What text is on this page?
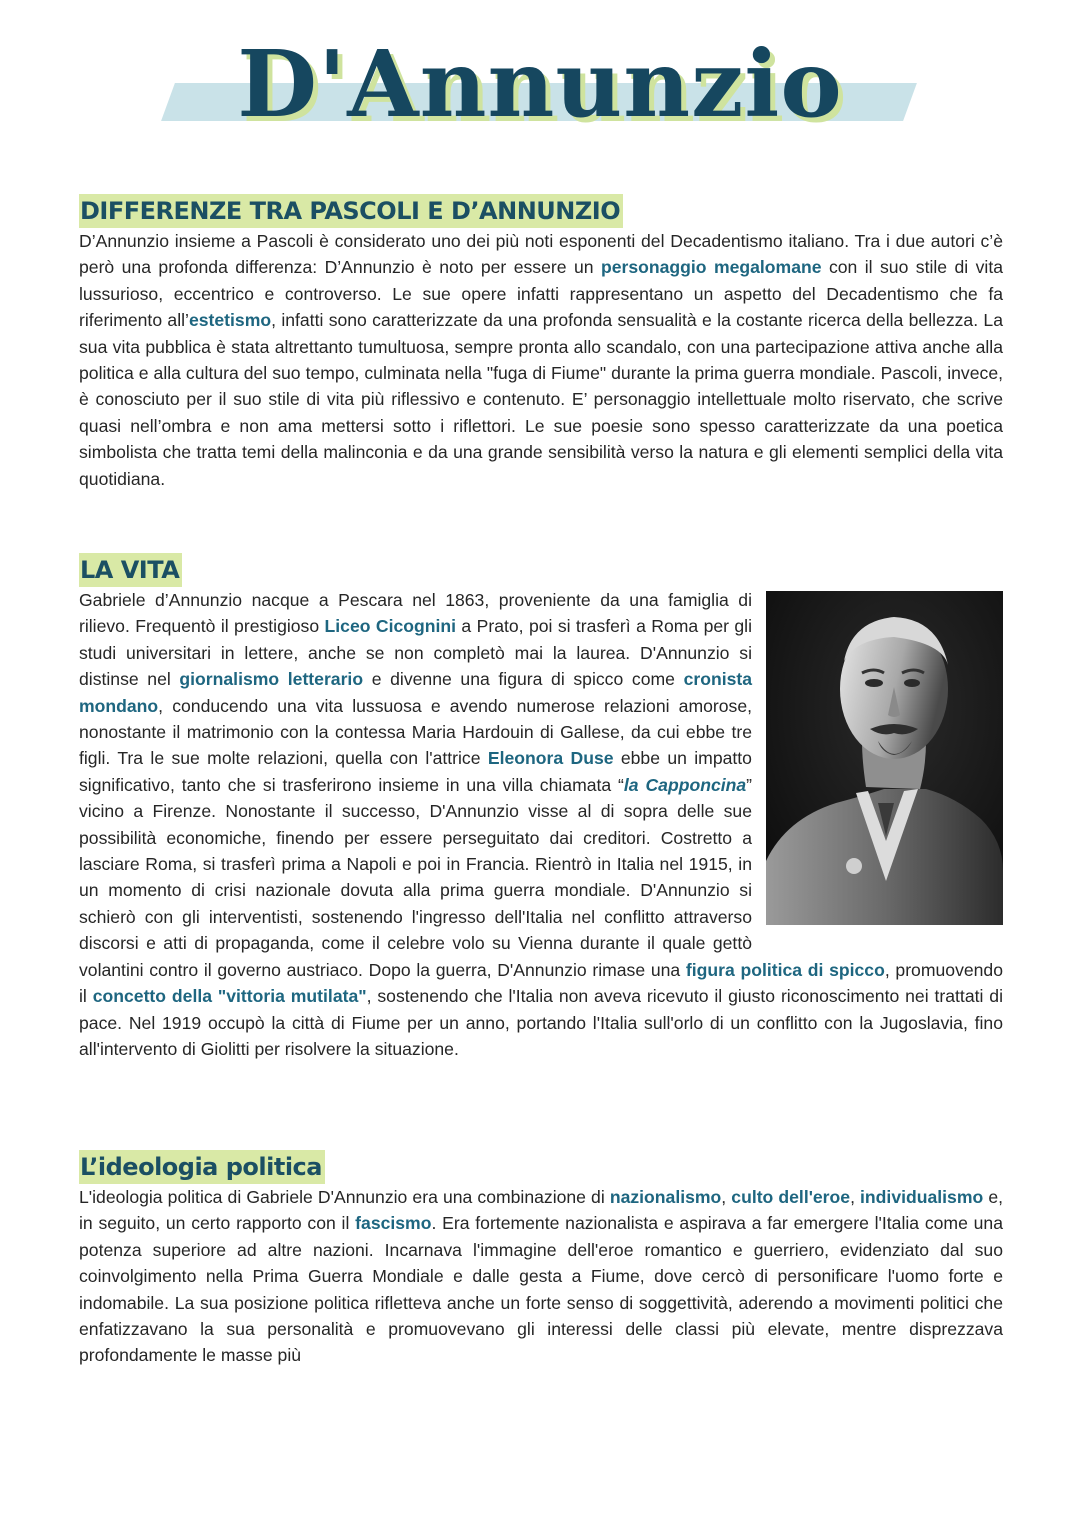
D'Annunzio
DIFFERENZE TRA PASCOLI E D’ANNUNZIO

D’Annunzio insieme a Pascoli è considerato uno dei più noti esponenti del Decadentismo italiano. Tra i due autori c’è però una profonda differenza: D’Annunzio è noto per essere un personaggio megalomane con il suo stile di vita lussurioso, eccentrico e controverso. Le sue opere infatti rappresentano un aspetto del Decadentismo che fa riferimento all’estetismo, infatti sono caratterizzate da una profonda sensualità e la costante ricerca della bellezza. La sua vita pubblica è stata altrettanto tumultuosa, sempre pronta allo scandalo, con una partecipazione attiva anche alla politica e alla cultura del suo tempo, culminata nella "fuga di Fiume" durante la prima guerra mondiale. Pascoli, invece, è conosciuto per il suo stile di vita più riflessivo e contenuto. E’ personaggio intellettuale molto riservato, che scrive quasi nell’ombra e non ama mettersi sotto i riflettori. Le sue poesie sono spesso caratterizzate da una poetica simbolista che tratta temi della malinconia e da una grande sensibilità verso la natura e gli elementi semplici della vita quotidiana.

LA VITA

Gabriele d’Annunzio nacque a Pescara nel 1863, proveniente da una famiglia di rilievo. Frequentò il prestigioso Liceo Cicognini a Prato, poi si trasferì a Roma per gli studi universitari in lettere, anche se non completò mai la laurea. D'Annunzio si distinse nel giornalismo letterario e divenne una figura di spicco come cronista mondano, conducendo una vita lussuosa e avendo numerose relazioni amorose, nonostante il matrimonio con la contessa Maria Hardouin di Gallese, da cui ebbe tre figli. Tra le sue molte relazioni, quella con l'attrice Eleonora Duse ebbe un impatto significativo, tanto che si trasferirono insieme in una villa chiamata “la Capponcina” vicino a Firenze. Nonostante il successo, D'Annunzio visse al di sopra delle sue possibilità economiche, finendo per essere perseguitato dai creditori. Costretto a lasciare Roma, si trasferì prima a Napoli e poi in Francia. Rientrò in Italia nel 1915, in un momento di crisi nazionale dovuta alla prima guerra mondiale. D'Annunzio si schierò con gli interventisti, sostenendo l'ingresso dell'Italia nel conflitto attraverso discorsi e atti di propaganda, come il celebre volo su Vienna durante il quale gettò volantini contro il governo austriaco. Dopo la guerra, D'Annunzio rimase una figura politica di spicco, promuovendo il concetto della "vittoria mutilata", sostenendo che l'Italia non aveva ricevuto il giusto riconoscimento nei trattati di pace. Nel 1919 occupò la città di Fiume per un anno, portando l'Italia sull'orlo di un conflitto con la Jugoslavia, fino all'intervento di Giolitti per risolvere la situazione.

L’ideologia politica

L'ideologia politica di Gabriele D'Annunzio era una combinazione di nazionalismo, culto dell'eroe, individualismo e, in seguito, un certo rapporto con il fascismo. Era fortemente nazionalista e aspirava a far emergere l'Italia come una potenza superiore ad altre nazioni. Incarnava l'immagine dell'eroe romantico e guerriero, evidenziato dal suo coinvolgimento nella Prima Guerra Mondiale e dalle gesta a Fiume, dove cercò di personificare l'uomo forte e indomabile. La sua posizione politica rifletteva anche un forte senso di soggettività, aderendo a movimenti politici che enfatizzavano la sua personalità e promuovevano gli interessi delle classi più elevate, mentre disprezzava profondamente le masse più
